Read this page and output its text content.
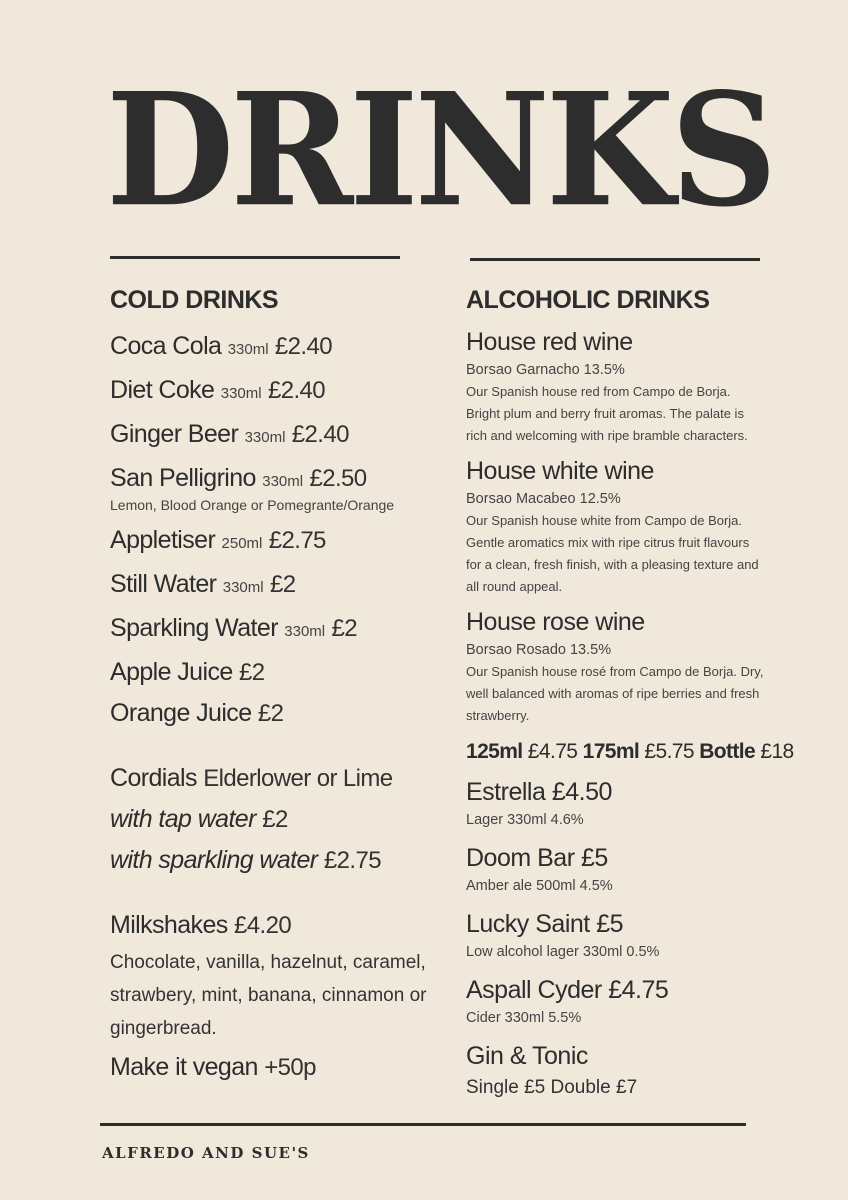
DRINKS
COLD DRINKS
Coca Cola 330ml £2.40
Diet Coke 330ml £2.40
Ginger Beer 330ml £2.40
San Pelligrino 330ml £2.50
Lemon, Blood Orange or Pomegrante/Orange
Appletiser 250ml £2.75
Still Water 330ml £2
Sparkling Water 330ml £2
Apple Juice £2
Orange Juice £2
Cordials Elderlower or Lime
with tap water £2
with sparkling water £2.75
Milkshakes £4.20
Chocolate, vanilla, hazelnut, caramel, strawbery, mint, banana, cinnamon or gingerbread.
Make it vegan +50p
ALCOHOLIC DRINKS
House red wine
Borsao Garnacho 13.5%
Our Spanish house red from Campo de Borja. Bright plum and berry fruit aromas. The palate is rich and welcoming with ripe bramble characters.
House white wine
Borsao Macabeo 12.5%
Our Spanish house white from Campo de Borja. Gentle aromatics mix with ripe citrus fruit flavours for a clean, fresh finish, with a pleasing texture and all round appeal.
House rose wine
Borsao Rosado 13.5%
Our Spanish house rosé from Campo de Borja. Dry, well balanced with aromas of ripe berries and fresh strawberry.
125ml £4.75 175ml £5.75 Bottle £18
Estrella £4.50
Lager 330ml 4.6%
Doom Bar £5
Amber ale 500ml 4.5%
Lucky Saint £5
Low alcohol lager 330ml 0.5%
Aspall Cyder £4.75
Cider 330ml 5.5%
Gin & Tonic
Single £5 Double £7
ALFREDO AND SUE'S
